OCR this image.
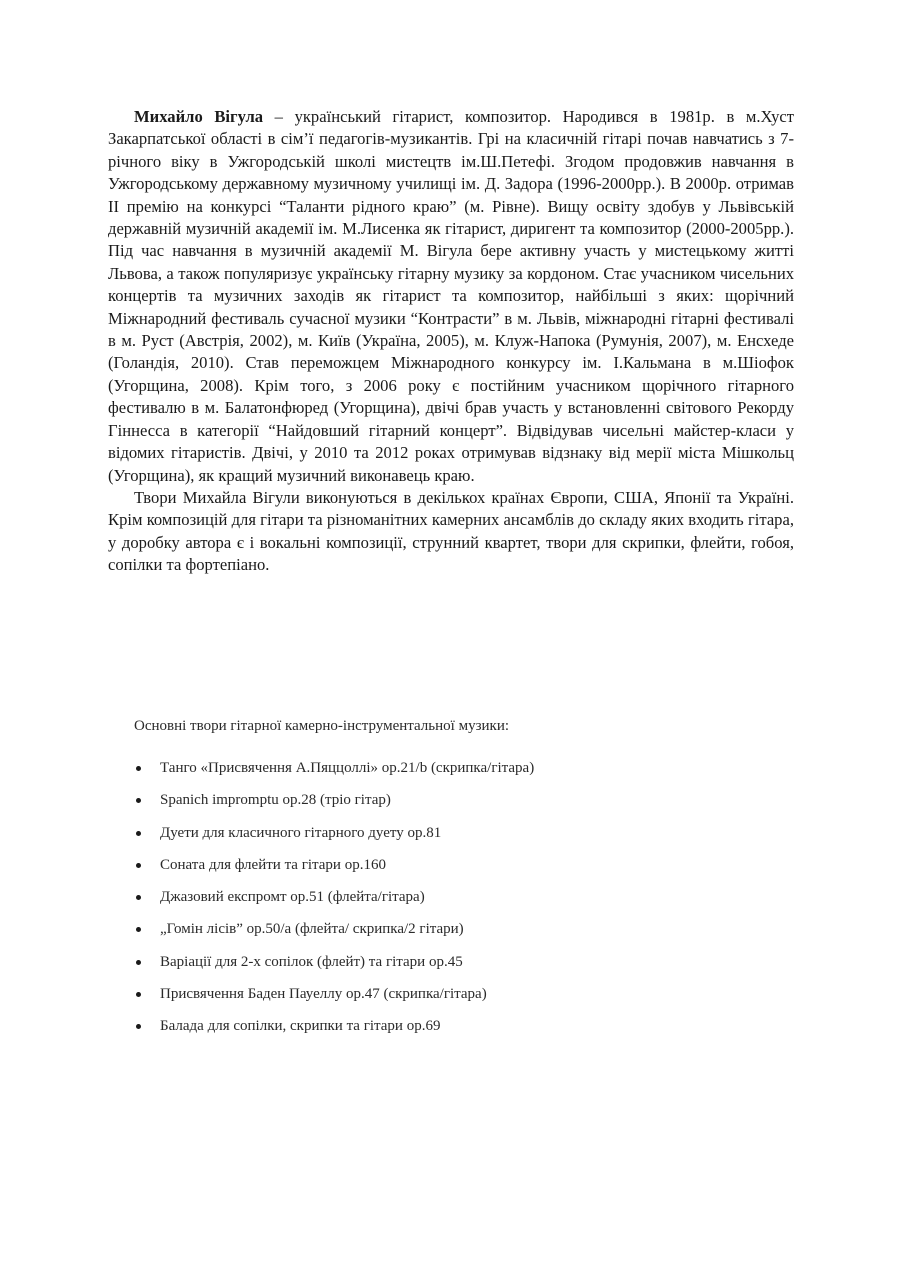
Михайло Вігула – український гітарист, композитор. Народився в 1981р. в м.Хуст Закарпатської області в сім’ї педагогів-музикантів. Грі на класичній гітарі почав навчатись з 7-річного віку в Ужгородській школі мистецтв ім.Ш.Петефі. Згодом продовжив навчання в Ужгородському державному музичному училищі ім. Д. Задора (1996-2000рр.). В 2000р. отримав ІІ премію на конкурсі “Таланти рідного краю” (м. Рівне). Вищу освіту здобув у Львівській державній музичній академії ім. М.Лисенка як гітарист, диригент та композитор (2000-2005рр.). Під час навчання в музичній академії М. Вігула бере активну участь у мистецькому житті Львова, а також популяризує українську гітарну музику за кордоном. Стає учасником чисельних концертів та музичних заходів як гітарист та композитор, найбільші з яких: щорічний Міжнародний фестиваль сучасної музики “Контрасти” в м. Львів, міжнародні гітарні фестивалі в м. Руст (Австрія, 2002), м. Київ (Україна, 2005), м. Клуж-Напока (Румунія, 2007), м. Енсхеде (Голандія, 2010). Став переможцем Міжнародного конкурсу ім. І.Кальмана в м.Шіофок (Угорщина, 2008). Крім того, з 2006 року є постійним учасником щорічного гітарного фестивалю в м. Балатонфюред (Угорщина), двічі брав участь у встановленні світового Рекорду Гіннесса в категорії “Найдовший гітарний концерт”. Відвідував чисельні майстер-класи у відомих гітаристів. Двічі, у 2010 та 2012 роках отримував відзнаку від мерії міста Мішкольц (Угорщина), як кращий музичний виконавець краю.

Твори Михайла Вігули виконуються в декількох країнах Європи, США, Японії та Україні. Крім композицій для гітари та різноманітних камерних ансамблів до складу яких входить гітара, у доробку автора є і вокальні композиції, струнний квартет, твори для скрипки, флейти, гобоя, сопілки та фортепіано.

Основні твори гітарної камерно-інструментальної музики:

Танго «Присвячення А.Пяццоллі» op.21/b (скрипка/гітара)
Spanich impromptu op.28 (тріо гітар)
Дуети для класичного гітарного дуету op.81
Соната для флейти та гітари op.160
Джазовий експромт op.51 (флейта/гітара)
„Гомін лісів” op.50/a (флейта/ скрипка/2 гітари)
Варіації для 2-х сопілок (флейт) та гітари op.45
Присвячення Баден Пауеллу op.47 (скрипка/гітара)
Балада для сопілки, скрипки та гітари op.69
